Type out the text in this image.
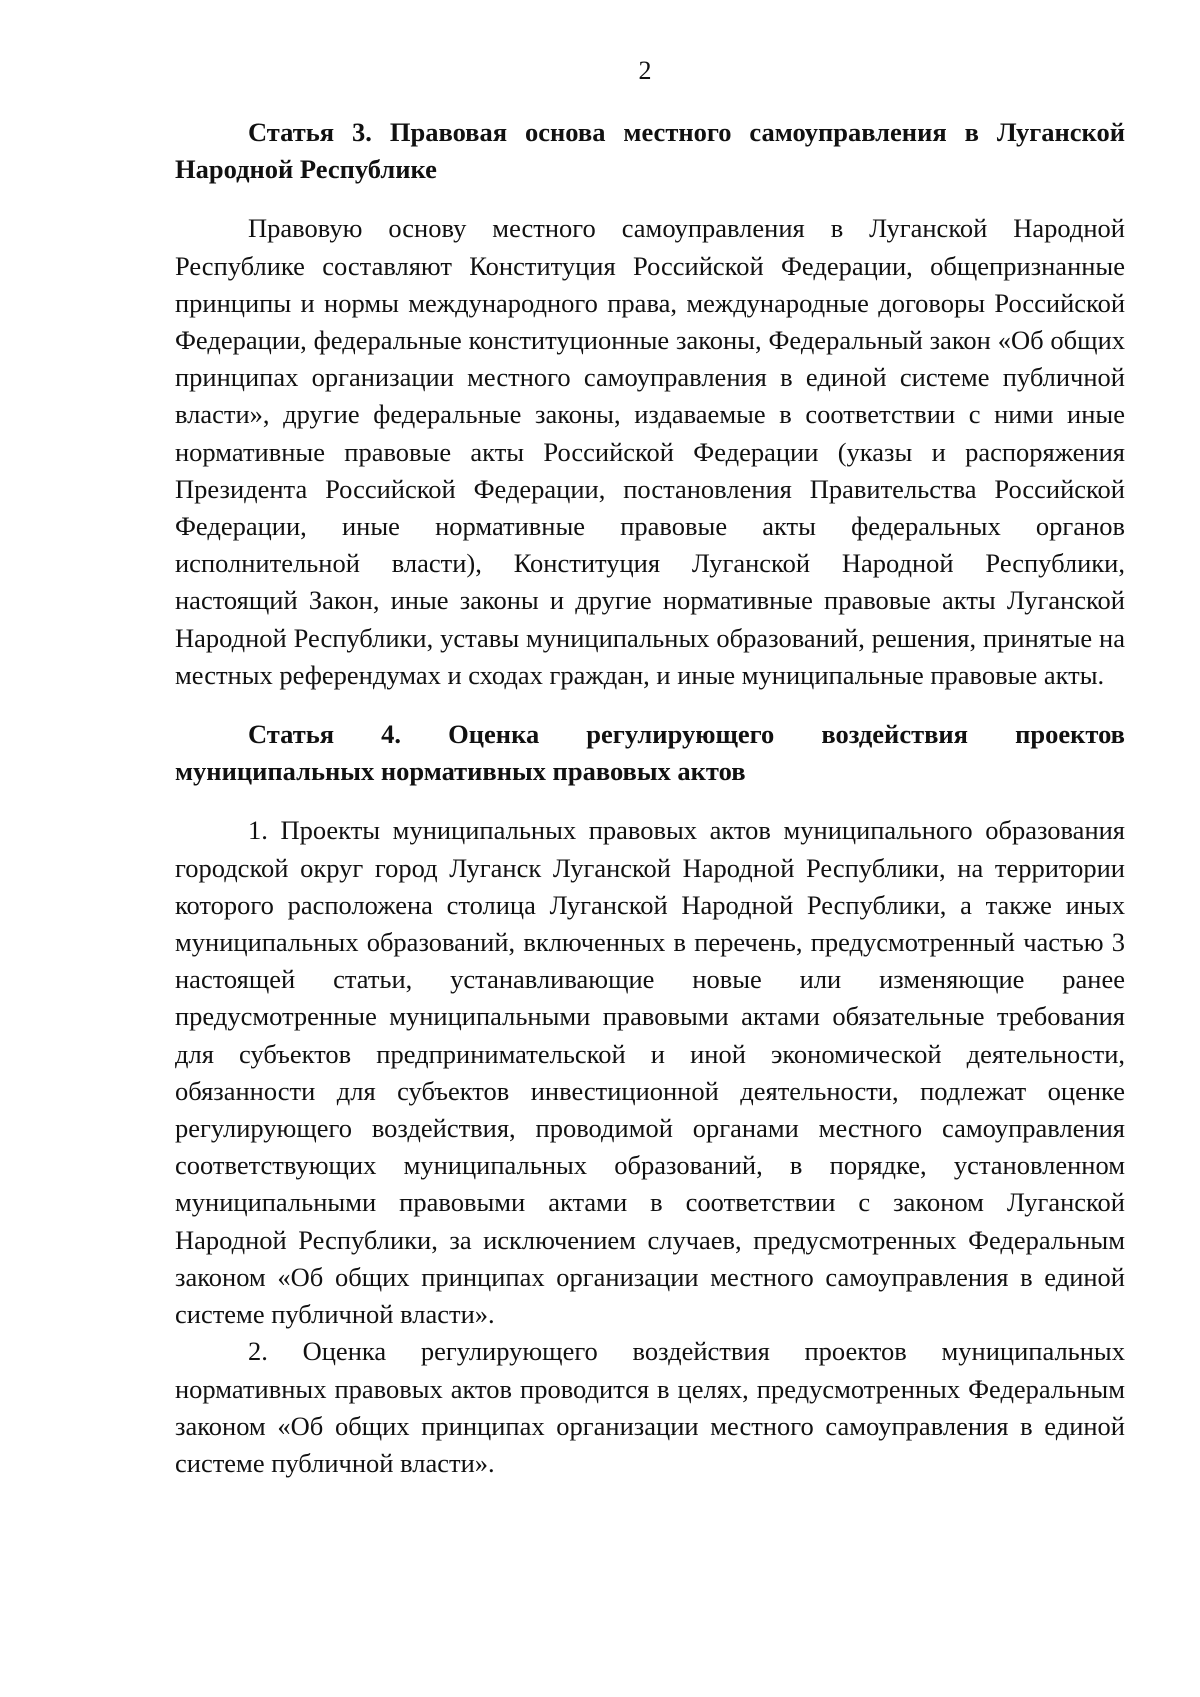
2

Статья 3. Правовая основа местного самоуправления в Луганской Народной Республике

Правовую основу местного самоуправления в Луганской Народной Республике составляют Конституция Российской Федерации, общепризнанные принципы и нормы международного права, международные договоры Российской Федерации, федеральные конституционные законы, Федеральный закон «Об общих принципах организации местного самоуправления в единой системе публичной власти», другие федеральные законы, издаваемые в соответствии с ними иные нормативные правовые акты Российской Федерации (указы и распоряжения Президента Российской Федерации, постановления Правительства Российской Федерации, иные нормативные правовые акты федеральных органов исполнительной власти), Конституция Луганской Народной Республики, настоящий Закон, иные законы и другие нормативные правовые акты Луганской Народной Республики, уставы муниципальных образований, решения, принятые на местных референдумах и сходах граждан, и иные муниципальные правовые акты.

Статья 4. Оценка регулирующего воздействия проектов муниципальных нормативных правовых актов

1. Проекты муниципальных правовых актов муниципального образования городской округ город Луганск Луганской Народной Республики, на территории которого расположена столица Луганской Народной Республики, а также иных муниципальных образований, включенных в перечень, предусмотренный частью 3 настоящей статьи, устанавливающие новые или изменяющие ранее предусмотренные муниципальными правовыми актами обязательные требования для субъектов предпринимательской и иной экономической деятельности, обязанности для субъектов инвестиционной деятельности, подлежат оценке регулирующего воздействия, проводимой органами местного самоуправления соответствующих муниципальных образований, в порядке, установленном муниципальными правовыми актами в соответствии с законом Луганской Народной Республики, за исключением случаев, предусмотренных Федеральным законом «Об общих принципах организации местного самоуправления в единой системе публичной власти».

2. Оценка регулирующего воздействия проектов муниципальных нормативных правовых актов проводится в целях, предусмотренных Федеральным законом «Об общих принципах организации местного самоуправления в единой системе публичной власти».
